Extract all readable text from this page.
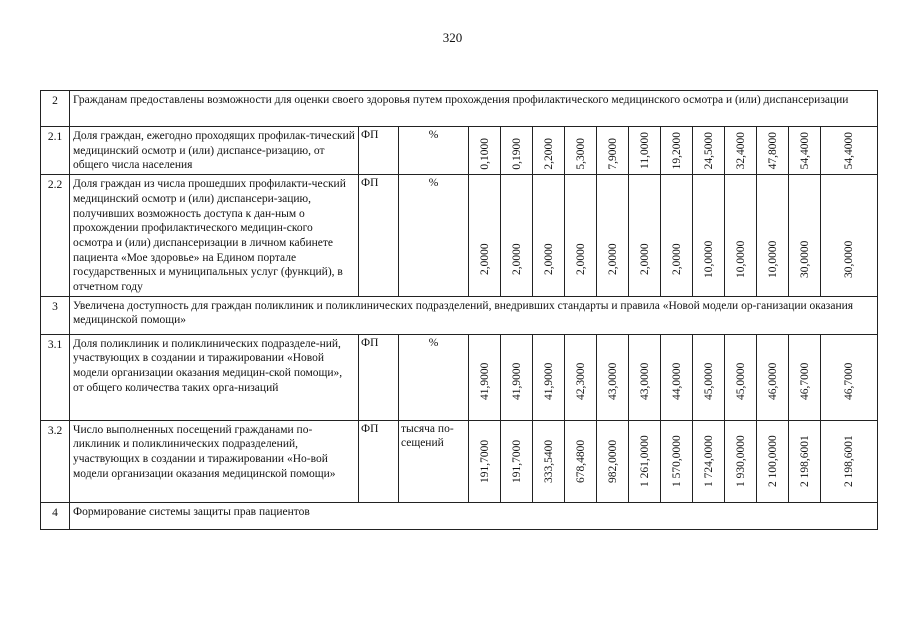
320
2	Гражданам предоставлены возможности для оценки своего здоровья путем прохождения профилактического медицинского осмотра и (или) диспансеризации														
2.1	Доля граждан, ежегодно проходящих профилак-тический медицинский осмотр и (или) диспансе-ризацию, от общего числа населения	ФП	%	0,1000	0,1900	2,2000	5,3000	7,9000	11,0000	19,2000	24,5000	32,4000	47,8000	54,4000	54,4000
2.2	Доля граждан из числа прошедших профилакти-ческий медицинский осмотр и (или) диспансери-зацию, получивших возможность доступа к дан-ным о прохождении профилактического медицин-ского осмотра и (или) диспансеризации в личном кабинете пациента «Мое здоровье» на Едином портале государственных и муниципальных услуг (функций), в отчетном году	ФП	%	2,0000	2,0000	2,0000	2,0000	2,0000	2,0000	2,0000	10,0000	10,0000	10,0000	30,0000	30,0000
3	Увеличена доступность для граждан поликлиник и поликлинических подразделений, внедривших стандарты и правила «Новой модели ор-ганизации оказания медицинской помощи»														
3.1	Доля поликлиник и поликлинических подразделе-ний, участвующих в создании и тиражировании «Новой модели организации оказания медицин-ской помощи», от общего количества таких орга-низаций	ФП	%	41,9000	41,9000	41,9000	42,3000	43,0000	43,0000	44,0000	45,0000	45,0000	46,0000	46,7000	46,7000
3.2	Число выполненных посещений гражданами по-ликлиник и поликлинических подразделений, участвующих в создании и тиражировании «Но-вой модели организации оказания медицинской помощи»	ФП	тысяча по-сещений	191,7000	191,7000	333,5400	678,4800	982,0000	1 261,0000	1 570,0000	1 724,0000	1 930,0000	2 100,0000	2 198,6001	2 198,6001
4	Формирование системы защиты прав пациентов														
